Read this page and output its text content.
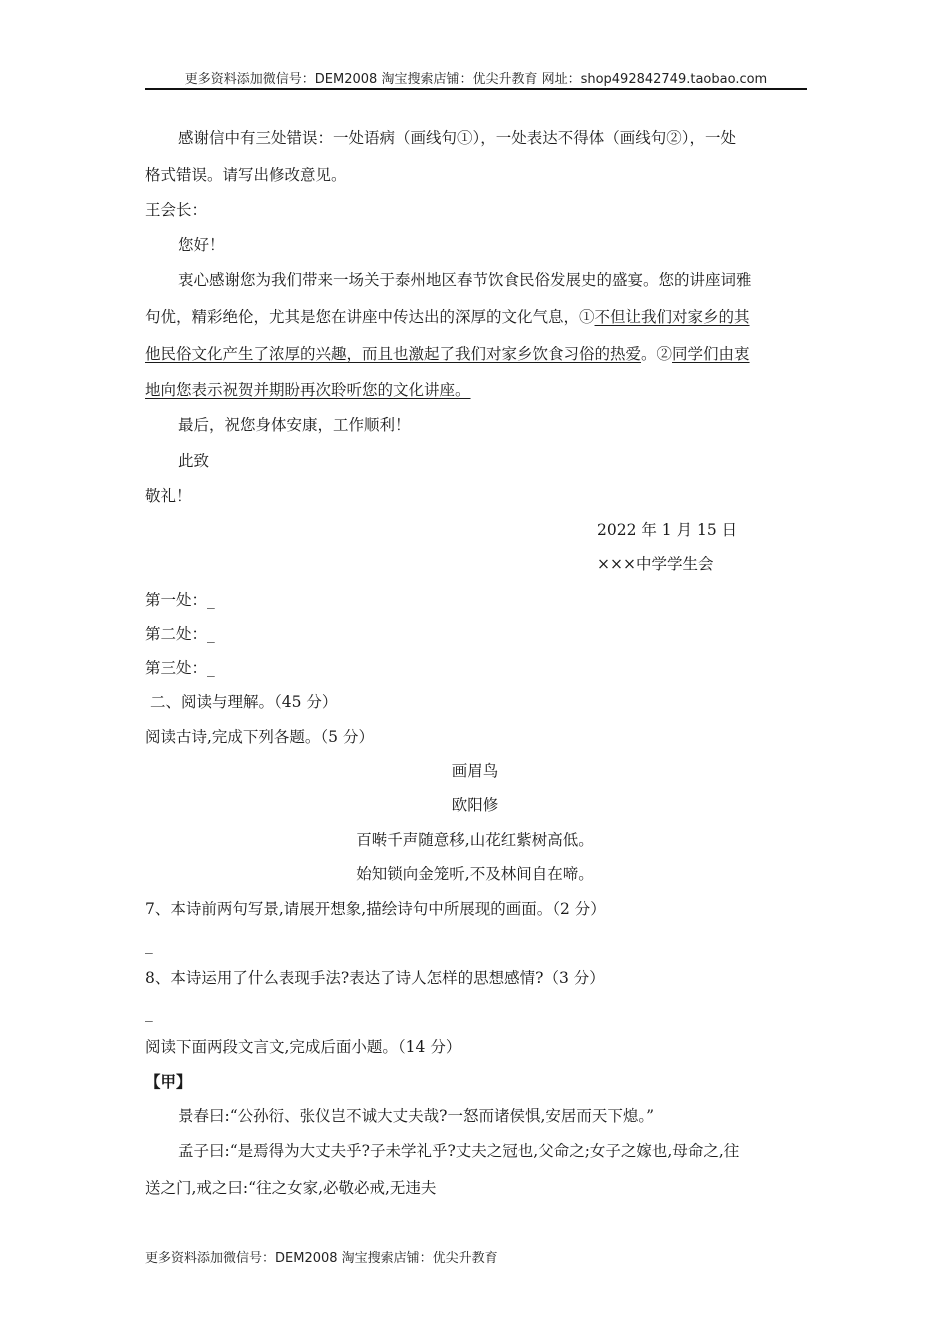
更多资料添加微信号：DEM2008 淘宝搜索店铺：优尖升教育 网址：shop492842749.taobao.com
感谢信中有三处错误：一处语病（画线句①），一处表达不得体（画线句②），一处
格式错误。请写出修改意见。
王会长：
您好！
衷心感谢您为我们带来一场关于泰州地区春节饮食民俗发展史的盛宴。您的讲座词雅
句优，精彩绝伦，尤其是您在讲座中传达出的深厚的文化气息，①不但让我们对家乡的其
他民俗文化产生了浓厚的兴趣，而且也激起了我们对家乡饮食习俗的热爱。②同学们由衷
地向您表示祝贺并期盼再次聆听您的文化讲座。
最后，祝您身体安康，工作顺利！
此致
敬礼！
2022 年 1 月 15 日
×××中学学生会
第一处：_
第二处：_
第三处：_
二、阅读与理解。（45 分）
阅读古诗,完成下列各题。（5 分）
画眉鸟
欧阳修
百啭千声随意移,山花红紫树高低。
始知锁向金笼听,不及林间自在啼。
7、本诗前两句写景,请展开想象,描绘诗句中所展现的画面。（2 分）
_
8、本诗运用了什么表现手法?表达了诗人怎样的思想感情?（3 分）
_
阅读下面两段文言文,完成后面小题。（14 分）
【甲】
景春曰:“公孙衍、张仪岂不诚大丈夫哉?一怒而诸侯惧,安居而天下熄。”
孟子曰:“是焉得为大丈夫乎?子未学礼乎?丈夫之冠也,父命之;女子之嫁也,母命之,往
送之门,戒之曰:“往之女家,必敬必戒,无违夫
更多资料添加微信号：DEM2008 淘宝搜索店铺：优尖升教育
